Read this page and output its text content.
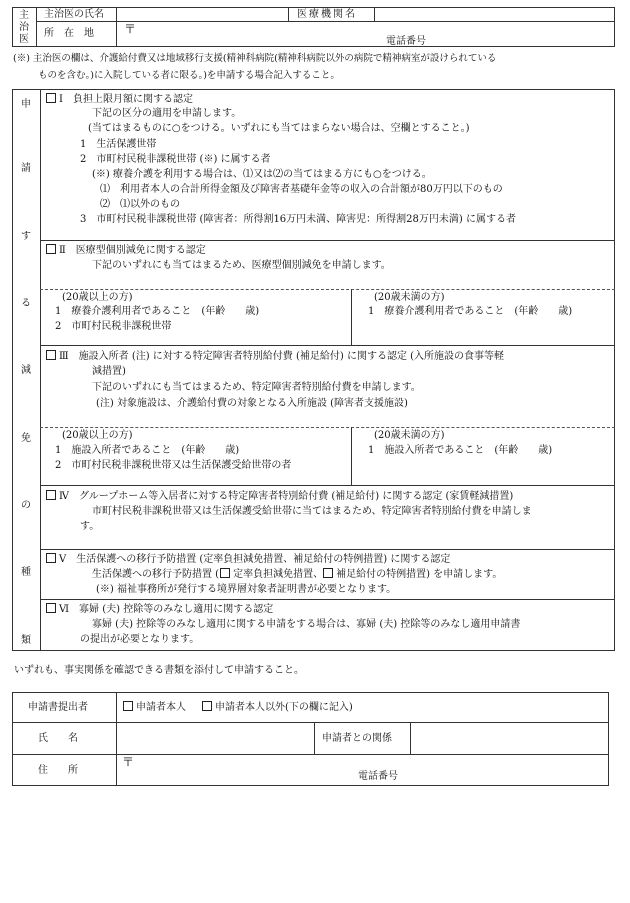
主
治
医
主治医の氏名	医療機関名
所　在　地	〒
電話番号
(※) 主治医の欄は、介護給付費又は地域移行支援(精神科病院(精神科病院以外の病院で精神病室が設けられている
ものを含む。)に入院している者に限る。)を申請する場合記入すること。
申
請
す
る
減
免
の
種
類
Ⅰ　負担上限月額に関する認定
下記の区分の適用を申請します。
(当てはまるものに○をつける。いずれにも当てはまらない場合は、空欄とすること。)
1　生活保護世帯
2　市町村民税非課税世帯 (※) に属する者
(※) 療養介護を利用する場合は、⑴又は⑵の当てはまる方にも○をつける。
⑴　利用者本人の合計所得金額及び障害者基礎年金等の収入の合計額が80万円以下のもの
⑵　⑴以外のもの
3　市町村民税非課税世帯 (障害者：所得割16万円未満、障害児：所得割28万円未満) に属する者
Ⅱ　医療型個別減免に関する認定
下記のいずれにも当てはまるため、医療型個別減免を申請します。
(20歳以上の方)
1　療養介護利用者であること　(年齢　　歳)
2　市町村民税非課税世帯
(20歳未満の方)
1　療養介護利用者であること　(年齢　　歳)
Ⅲ　施設入所者 (注) に対する特定障害者特別給付費 (補足給付) に関する認定 (入所施設の食事等軽
減措置)
下記のいずれにも当てはまるため、特定障害者特別給付費を申請します。
(注) 対象施設は、介護給付費の対象となる入所施設 (障害者支援施設)
(20歳以上の方)
1　施設入所者であること　(年齢　　歳)
2　市町村民税非課税世帯又は生活保護受給世帯の者
(20歳未満の方)
1　施設入所者であること　(年齢　　歳)
Ⅳ　グループホーム等入居者に対する特定障害者特別給付費 (補足給付) に関する認定 (家賃軽減措置)
市町村民税非課税世帯又は生活保護受給世帯に当てはまるため、特定障害者特別給付費を申請しま
す。
Ⅴ　生活保護への移行予防措置 (定率負担減免措置、補足給付の特例措置) に関する認定
生活保護への移行予防措置 ( 定率負担減免措置、 補足給付の特例措置) を申請します。
(※) 福祉事務所が発行する境界層対象者証明書が必要となります。
Ⅵ　寡婦 (夫) 控除等のみなし適用に関する認定
寡婦 (夫) 控除等のみなし適用に関する申請をする場合は、寡婦 (夫) 控除等のみなし適用申請書
の提出が必要となります。
いずれも、事実関係を確認できる書類を添付して申請すること。
申請書提出者	申請者本人	申請者本人以外(下の欄に記入)
氏　　名	申請者との関係
住　　所
〒
電話番号
